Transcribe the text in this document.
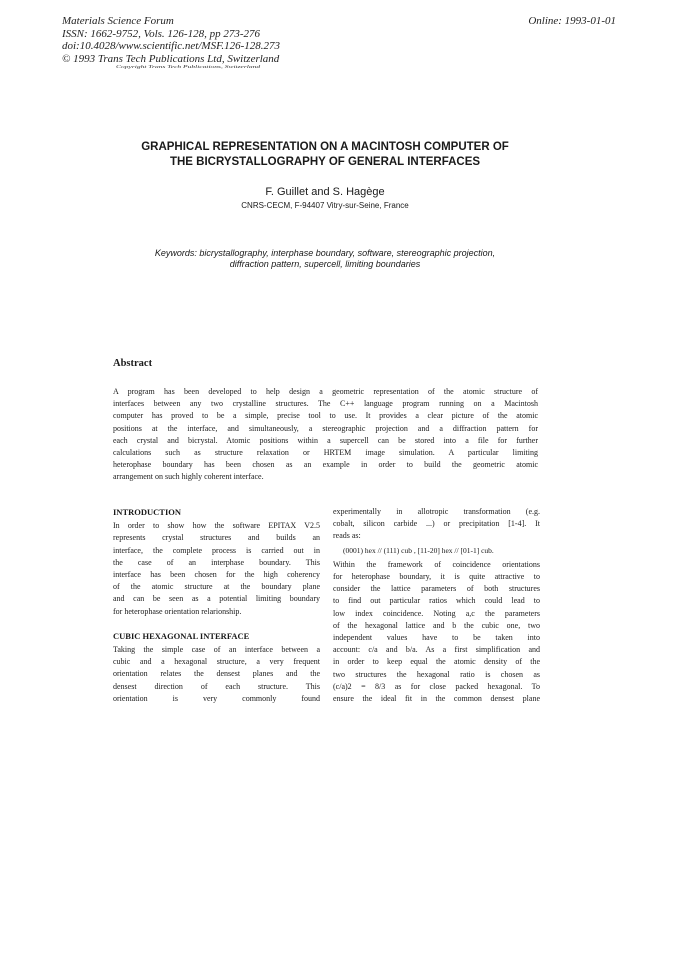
Materials Science Forum
ISSN: 1662-9752, Vols. 126-128, pp 273-276
doi:10.4028/www.scientific.net/MSF.126-128.273
© 1993 Trans Tech Publications Ltd, Switzerland
Online: 1993-01-01
Copyright Trans Tech Publications, Switzerland
GRAPHICAL REPRESENTATION ON A MACINTOSH COMPUTER OF
THE BICRYSTALLOGRAPHY OF GENERAL INTERFACES
F. Guillet and S. Hagège
CNRS-CECM, F-94407 Vitry-sur-Seine, France
Keywords: bicrystallography, interphase boundary, software, stereographic projection,
diffraction pattern, supercell, limiting boundaries
Abstract
A program has been developed to help design a geometric representation of the atomic structure of
interfaces between any two crystalline structures. The C++ language program running on a Macintosh
computer has proved to be a simple, precise tool to use. It provides a clear picture of the atomic
positions at the interface, and simultaneously, a stereographic projection and a diffraction pattern for
each crystal and bicrystal. Atomic positions within a supercell can be stored into a file for further
calculations such as structure relaxation or HRTEM image simulation. A particular limiting
heterophase boundary has been chosen as an example in order to build the geometric atomic
arrangement on such highly coherent interface.
INTRODUCTION
In order to show how the software EPITAX V2.5
represents crystal structures and builds an
interface, the complete process is carried out in
the case of an interphase boundary. This
interface has been chosen for the high coherency
of the atomic structure at the boundary plane
and can be seen as a potential limiting boundary
for heterophase orientation relarionship.
CUBIC HEXAGONAL INTERFACE
Taking the simple case of an interface between a
cubic and a hexagonal structure, a very frequent
orientation relates the densest planes and the
densest direction of each structure. This
orientation is very commonly found
experimentally in allotropic transformation (e.g.
cobalt, silicon carbide ...) or precipitation [1-4]. It
reads as:
(0001) hex // (111) cub , [11-20] hex // [01-1] cub.
Within the framework of coincidence orientations
for heterophase boundary, it is quite attractive to
consider the lattice parameters of both structures
to find out particular ratios which could lead to
low index coincidence. Noting a,c the parameters
of the hexagonal lattice and b the cubic one, two
independent values have to be taken into
account: c/a and b/a. As a first simplification and
in order to keep equal the atomic density of the
two structures the hexagonal ratio is chosen as
(c/a)2 = 8/3 as for close packed hexagonal. To
ensure the ideal fit in the common densest plane
